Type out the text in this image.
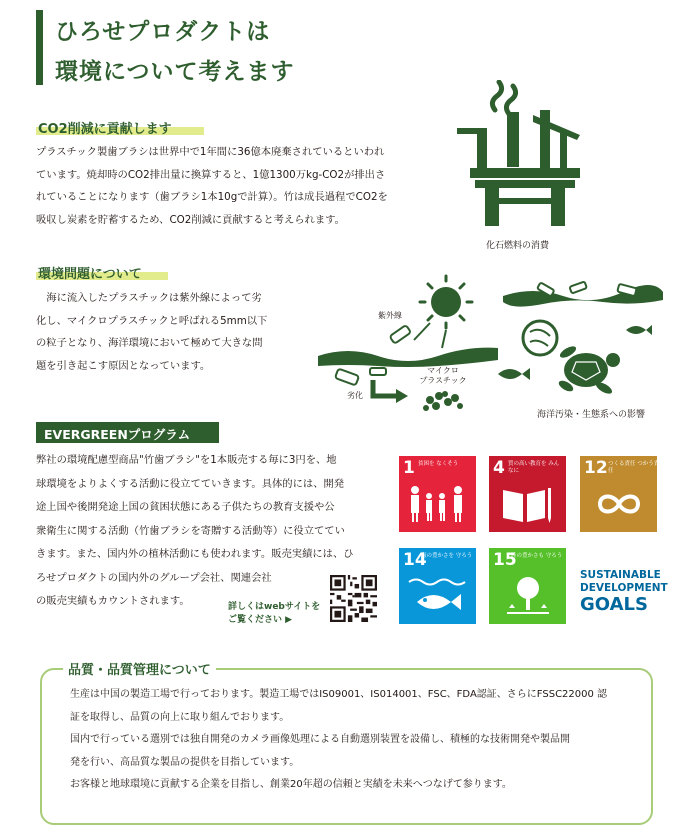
ひろせプロダクトは
環境について考えます
CO2削減に貢献します
プラスチック製歯ブラシは世界中で1年間に36億本廃棄されているといわれ
ています。焼却時のCO2排出量に換算すると、1億1300万kg-CO2が排出さ
れていることになります（歯ブラシ1本10gで計算）。竹は成長過程でCO2を
吸収し炭素を貯蓄するため、CO2削減に貢献すると考えられます。
化石燃料の消費
環境問題について
　海に流入したプラスチックは紫外線によって劣
化し、マイクロプラスチックと呼ばれる5mm以下
の粒子となり、海洋環境において極めて大きな問
題を引き起こす原因となっています。
紫外線
マイクロ
プラスチック
劣化
海洋汚染・生態系への影響
EVERGREENプログラム
弊社の環境配慮型商品"竹歯ブラシ"を1本販売する毎に3円を、地
球環境をよりよくする活動に役立てていきます。具体的には、開発
途上国や後開発途上国の貧困状態にある子供たちの教育支援や公
衆衛生に関する活動（竹歯ブラシを寄贈する活動等）に役立ててい
きます。また、国内外の植林活動にも使われます。販売実績には、ひ
ろせプロダクトの国内外のグループ会社、関連会社
の販売実績もカウントされます。	詳しくはwebサイトを
ご覧ください ▶
1 貧困を なくそう	4 質の高い教育を みんなに	12 つくる責任 つかう責任
14
海の豊かさを 守ろう 15
陸の豊かさも 守ろう
SUSTAINABLE
DEVELOPMENT
GOALS
品質・品質管理について
生産は中国の製造工場で行っております。製造工場ではIS09001、IS014001、FSC、FDA認証、さらにFSSC22000 認
証を取得し、品質の向上に取り組んでおります。
国内で行っている選別では独自開発のカメラ画像処理による自動選別装置を設備し、積極的な技術開発や製品開
発を行い、高品質な製品の提供を目指しています。
お客様と地球環境に貢献する企業を目指し、創業20年超の信頼と実績を未来へつなげて参ります。
